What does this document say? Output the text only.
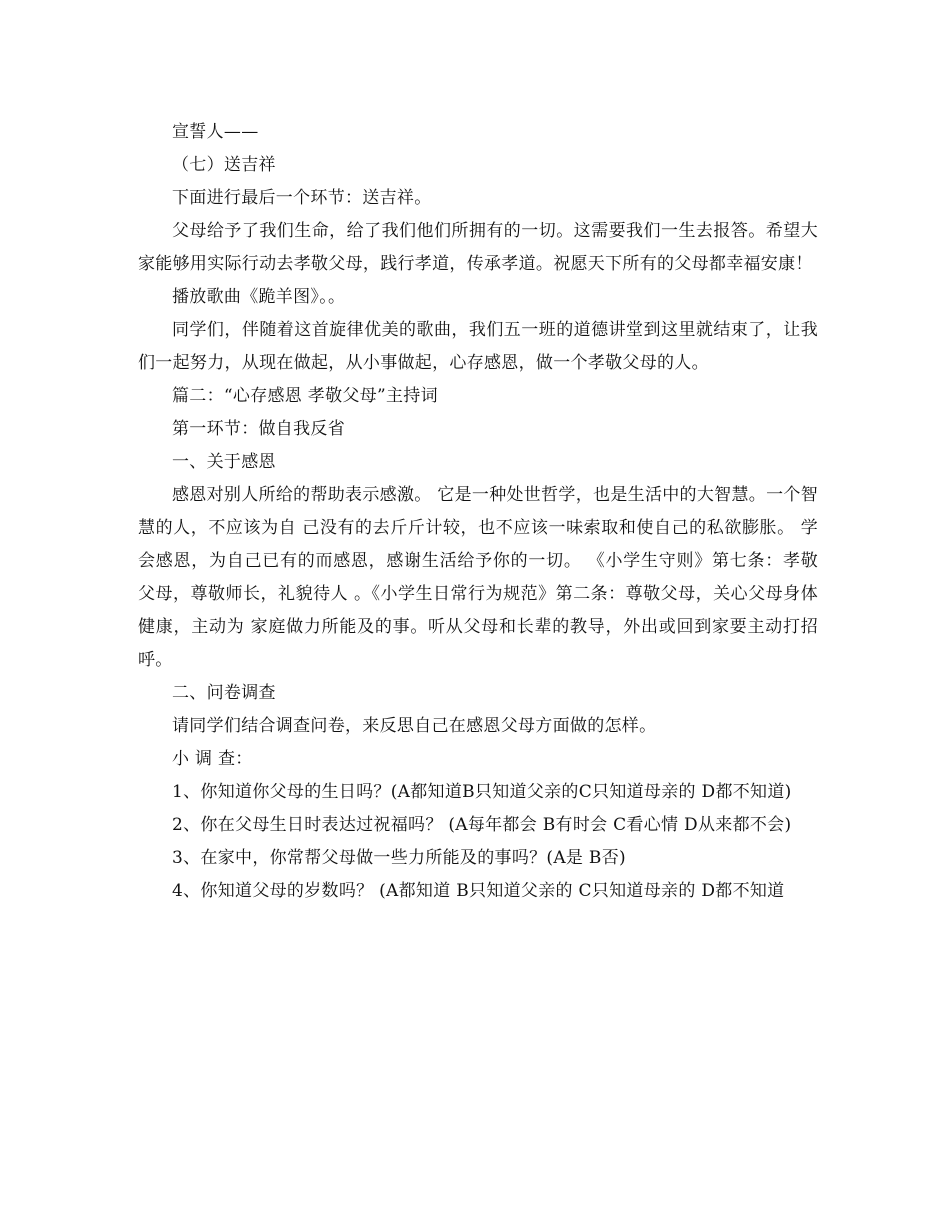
宣誓人——

（七）送吉祥

下面进行最后一个环节：送吉祥。

父母给予了我们生命，给了我们他们所拥有的一切。这需要我们一生去报答。希望大家能够用实际行动去孝敬父母，践行孝道，传承孝道。祝愿天下所有的父母都幸福安康！

播放歌曲《跪羊图》。。

同学们，伴随着这首旋律优美的歌曲，我们五一班的道德讲堂到这里就结束了，让我们一起努力，从现在做起，从小事做起，心存感恩，做一个孝敬父母的人。

篇二：“心存感恩 孝敬父母”主持词

第一环节：做自我反省

一、关于感恩

感恩对别人所给的帮助表示感激。 它是一种处世哲学，也是生活中的大智慧。一个智慧的人，不应该为自 己没有的去斤斤计较，也不应该一味索取和使自己的私欲膨胀。 学会感恩，为自己已有的而感恩，感谢生活给予你的一切。 《小学生守则》第七条：孝敬父母，尊敬师长，礼貌待人 。《小学生日常行为规范》第二条：尊敬父母，关心父母身体健康，主动为 家庭做力所能及的事。听从父母和长辈的教导，外出或回到家要主动打招呼。

二、问卷调查

请同学们结合调查问卷，来反思自己在感恩父母方面做的怎样。

小 调 查：

1、你知道你父母的生日吗？(A都知道B只知道父亲的C只知道母亲的 D都不知道)

2、你在父母生日时表达过祝福吗？ (A每年都会 B有时会 C看心情 D从来都不会)

3、在家中，你常帮父母做一些力所能及的事吗？(A是 B否)

4、你知道父母的岁数吗？ (A都知道 B只知道父亲的 C只知道母亲的 D都不知道
